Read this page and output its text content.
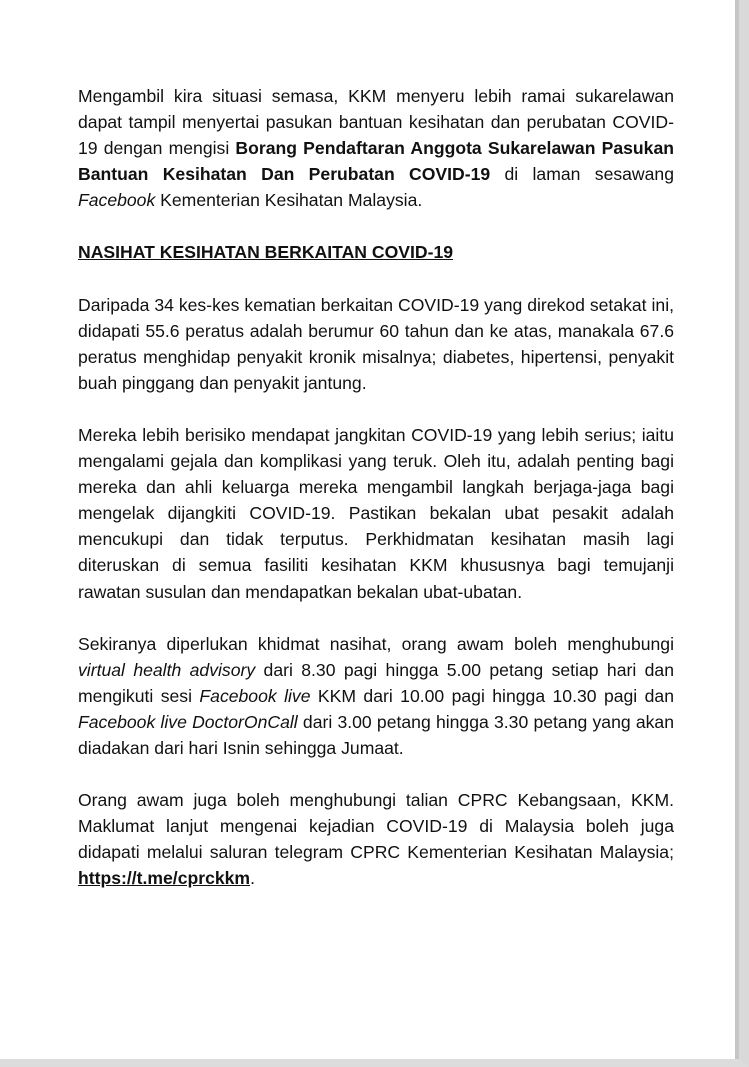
Mengambil kira situasi semasa, KKM menyeru lebih ramai sukarelawan dapat tampil menyertai pasukan bantuan kesihatan dan perubatan COVID-19 dengan mengisi Borang Pendaftaran Anggota Sukarelawan Pasukan Bantuan Kesihatan Dan Perubatan COVID-19 di laman sesawang Facebook Kementerian Kesihatan Malaysia.

NASIHAT KESIHATAN BERKAITAN COVID-19

Daripada 34 kes-kes kematian berkaitan COVID-19 yang direkod setakat ini, didapati 55.6 peratus adalah berumur 60 tahun dan ke atas, manakala 67.6 peratus menghidap penyakit kronik misalnya; diabetes, hipertensi, penyakit buah pinggang dan penyakit jantung.

Mereka lebih berisiko mendapat jangkitan COVID-19 yang lebih serius; iaitu mengalami gejala dan komplikasi yang teruk. Oleh itu, adalah penting bagi mereka dan ahli keluarga mereka mengambil langkah berjaga-jaga bagi mengelak dijangkiti COVID-19. Pastikan bekalan ubat pesakit adalah mencukupi dan tidak terputus. Perkhidmatan kesihatan masih lagi diteruskan di semua fasiliti kesihatan KKM khususnya bagi temujanji rawatan susulan dan mendapatkan bekalan ubat-ubatan.

Sekiranya diperlukan khidmat nasihat, orang awam boleh menghubungi virtual health advisory dari 8.30 pagi hingga 5.00 petang setiap hari dan mengikuti sesi Facebook live KKM dari 10.00 pagi hingga 10.30 pagi dan Facebook live DoctorOnCall dari 3.00 petang hingga 3.30 petang yang akan diadakan dari hari Isnin sehingga Jumaat.

Orang awam juga boleh menghubungi talian CPRC Kebangsaan, KKM. Maklumat lanjut mengenai kejadian COVID-19 di Malaysia boleh juga didapati melalui saluran telegram CPRC Kementerian Kesihatan Malaysia; https://t.me/cprckkm.
